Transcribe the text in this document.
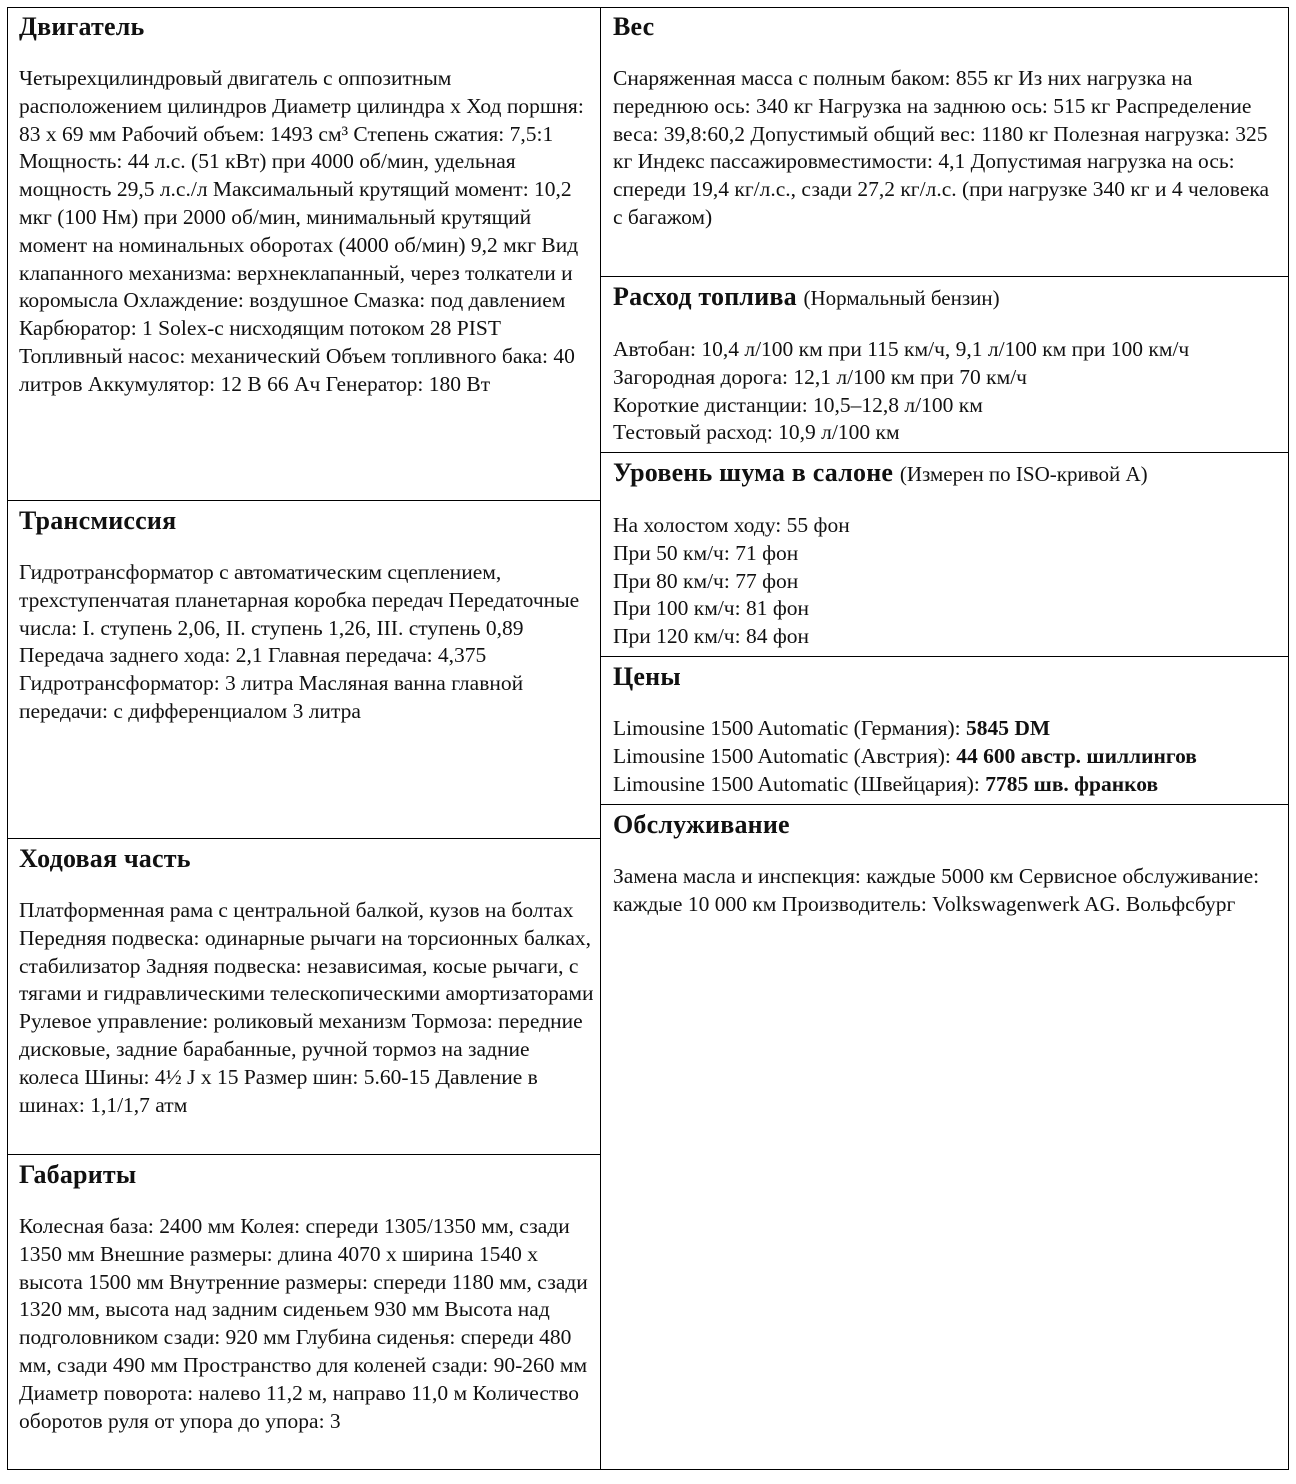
Двигатель

Четырехцилиндровый двигатель с оппозитным расположением цилиндров Диаметр цилиндра x Ход поршня: 83 x 69 мм Рабочий объем: 1493 см³ Степень сжатия: 7,5:1 Мощность: 44 л.с. (51 кВт) при 4000 об/мин, удельная мощность 29,5 л.с./л Максимальный крутящий момент: 10,2 мкг (100 Нм) при 2000 об/мин, минимальный крутящий момент на номинальных оборотах (4000 об/мин) 9,2 мкг Вид клапанного механизма: верхнеклапанный, через толкатели и коромысла Охлаждение: воздушное Смазка: под давлением Карбюратор: 1 Solex-с нисходящим потоком 28 PIST Топливный насос: механический Объем топливного бака: 40 литров Аккумулятор: 12 В 66 Ач Генератор: 180 Вт

Трансмиссия

Гидротрансформатор с автоматическим сцеплением, трехступенчатая планетарная коробка передач Передаточные числа: I. ступень 2,06, II. ступень 1,26, III. ступень 0,89 Передача заднего хода: 2,1 Главная передача: 4,375 Гидротрансформатор: 3 литра Масляная ванна главной передачи: с дифференциалом 3 литра

Ходовая часть

Платформенная рама с центральной балкой, кузов на болтах Передняя подвеска: одинарные рычаги на торсионных балках, стабилизатор Задняя подвеска: независимая, косые рычаги, с тягами и гидравлическими телескопическими амортизаторами Рулевое управление: роликовый механизм Тормоза: передние дисковые, задние барабанные, ручной тормоз на задние колеса Шины: 4½ J x 15 Размер шин: 5.60-15 Давление в шинах: 1,1/1,7 атм

Габариты

Колесная база: 2400 мм Колея: спереди 1305/1350 мм, сзади 1350 мм Внешние размеры: длина 4070 x ширина 1540 x высота 1500 мм Внутренние размеры: спереди 1180 мм, сзади 1320 мм, высота над задним сиденьем 930 мм Высота над подголовником сзади: 920 мм Глубина сиденья: спереди 480 мм, сзади 490 мм Пространство для коленей сзади: 90-260 мм Диаметр поворота: налево 11,2 м, направо 11,0 м Количество оборотов руля от упора до упора: 3

Вес

Снаряженная масса с полным баком: 855 кг Из них нагрузка на переднюю ось: 340 кг Нагрузка на заднюю ось: 515 кг Распределение веса: 39,8:60,2 Допустимый общий вес: 1180 кг Полезная нагрузка: 325 кг Индекс пассажировместимости: 4,1 Допустимая нагрузка на ось: спереди 19,4 кг/л.с., сзади 27,2 кг/л.с. (при нагрузке 340 кг и 4 человека с багажом)

Расход топлива (Нормальный бензин)

Автобан: 10,4 л/100 км при 115 км/ч, 9,1 л/100 км при 100 км/ч
Загородная дорога: 12,1 л/100 км при 70 км/ч
Короткие дистанции: 10,5–12,8 л/100 км
Тестовый расход: 10,9 л/100 км

Уровень шума в салоне (Измерен по ISO-кривой А)

На холостом ходу: 55 фон
При 50 км/ч: 71 фон
При 80 км/ч: 77 фон
При 100 км/ч: 81 фон
При 120 км/ч: 84 фон

Цены

Limousine 1500 Automatic (Германия): 5845 DM
Limousine 1500 Automatic (Австрия): 44 600 австр. шиллингов
Limousine 1500 Automatic (Швейцария): 7785 шв. франков

Обслуживание

Замена масла и инспекция: каждые 5000 км Сервисное обслуживание: каждые 10 000 км Производитель: Volkswagenwerk AG. Вольфсбург
